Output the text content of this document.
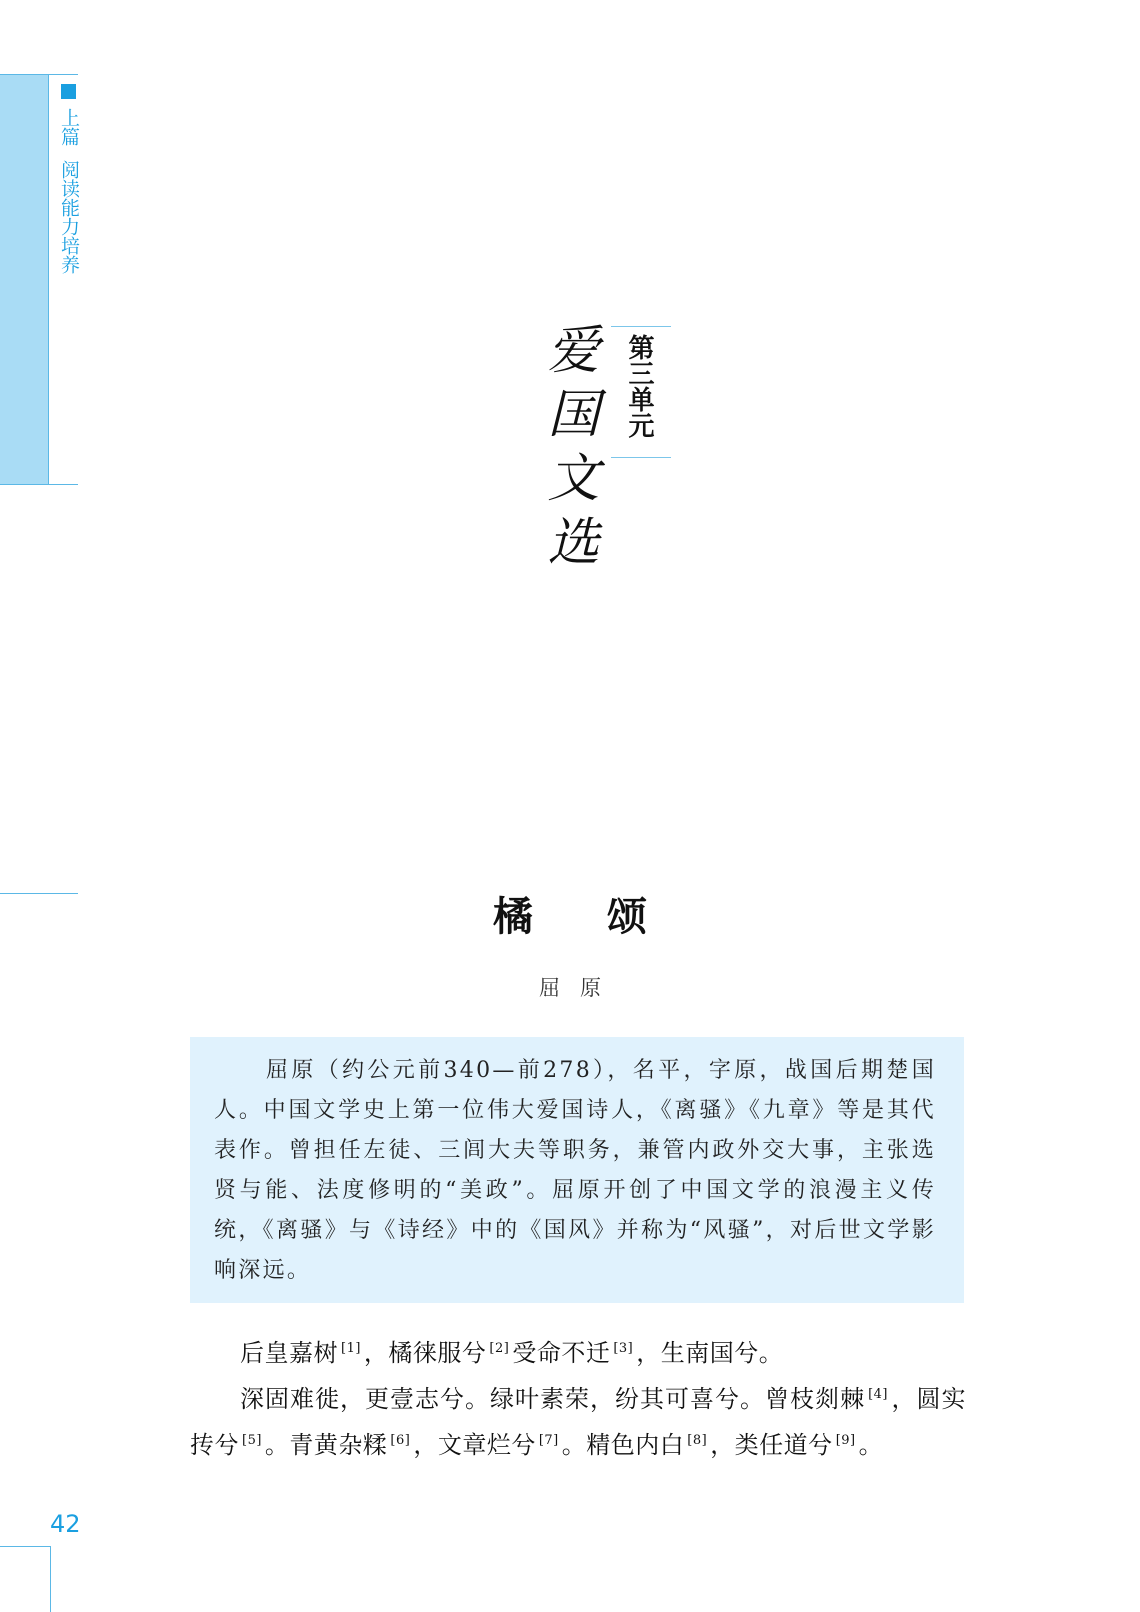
上篇阅读能力培养
第三单元
爱国文选
橘颂
屈原

屈原（约公元前340—前278），名平，字原，战国后期楚国人。中国文学史上第一位伟大爱国诗人，《离骚》《九章》等是其代表作。曾担任左徒、三闾大夫等职务，兼管内政外交大事，主张选贤与能、法度修明的“美政”。屈原开创了中国文学的浪漫主义传统，《离骚》与《诗经》中的《国风》并称为“风骚”，对后世文学影响深远。

后皇嘉树 [1] ，橘徕服兮 [2] 受命不迁 [3] ，生南国兮。

深固难徙，更壹志兮。绿叶素荣，纷其可喜兮。曾枝剡棘 [4] ，圆实抟兮 [5] 。青黄杂糅 [6] ，文章烂兮 [7] 。精色内白 [8] ，类任道兮 [9] 。

42
